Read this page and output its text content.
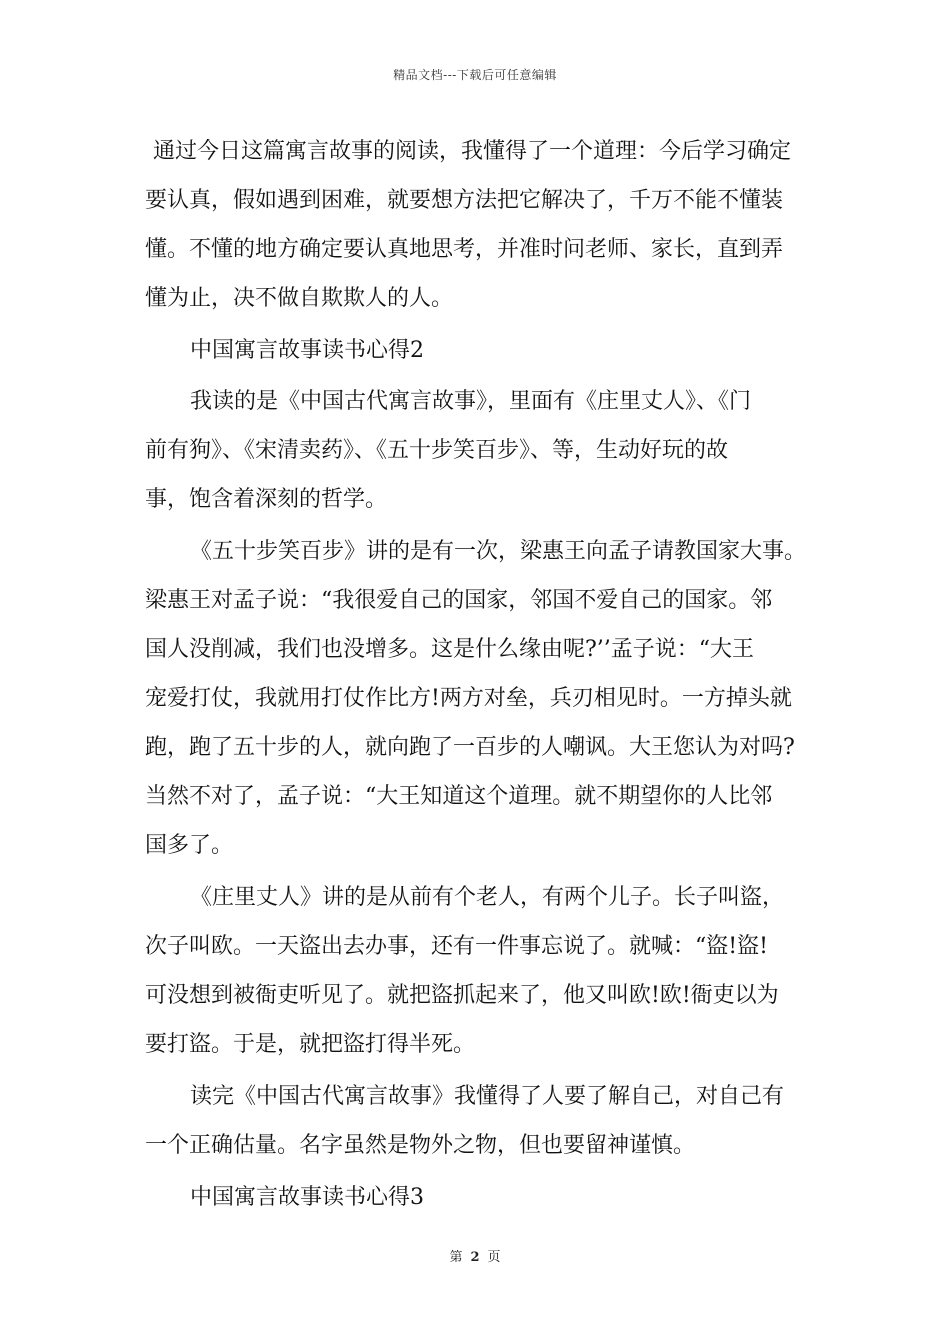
精品文档---下载后可任意编辑
通过今日这篇寓言故事的阅读，我懂得了一个道理：今后学习确定
要认真，假如遇到困难，就要想方法把它解决了，千万不能不懂装
懂。不懂的地方确定要认真地思考，并准时问老师、家长，直到弄
懂为止，决不做自欺欺人的人。
中国寓言故事读书心得2
我读的是《中国古代寓言故事》，里面有《庄里丈人》、《门
前有狗》、《宋清卖药》、《五十步笑百步》、等，生动好玩的故
事，饱含着深刻的哲学。
《五十步笑百步》讲的是有一次，梁惠王向孟子请教国家大事。
梁惠王对孟子说：“我很爱自己的国家，邻国不爱自己的国家。邻
国人没削减，我们也没增多。这是什么缘由呢?’’孟子说：“大王
宠爱打仗，我就用打仗作比方!两方对垒，兵刃相见时。一方掉头就
跑，跑了五十步的人，就向跑了一百步的人嘲讽。大王您认为对吗?
当然不对了，孟子说：“大王知道这个道理。就不期望你的人比邻
国多了。
《庄里丈人》讲的是从前有个老人，有两个儿子。长子叫盜，
次子叫欧。一天盜出去办事，还有一件事忘说了。就喊：“盜!盜!
可没想到被衙吏听见了。就把盜抓起来了，他又叫欧!欧!衙吏以为
要打盜。于是，就把盜打得半死。
读完《中国古代寓言故事》我懂得了人要了解自己，对自己有
一个正确估量。名字虽然是物外之物，但也要留神谨慎。
中国寓言故事读书心得3
第 2 页
